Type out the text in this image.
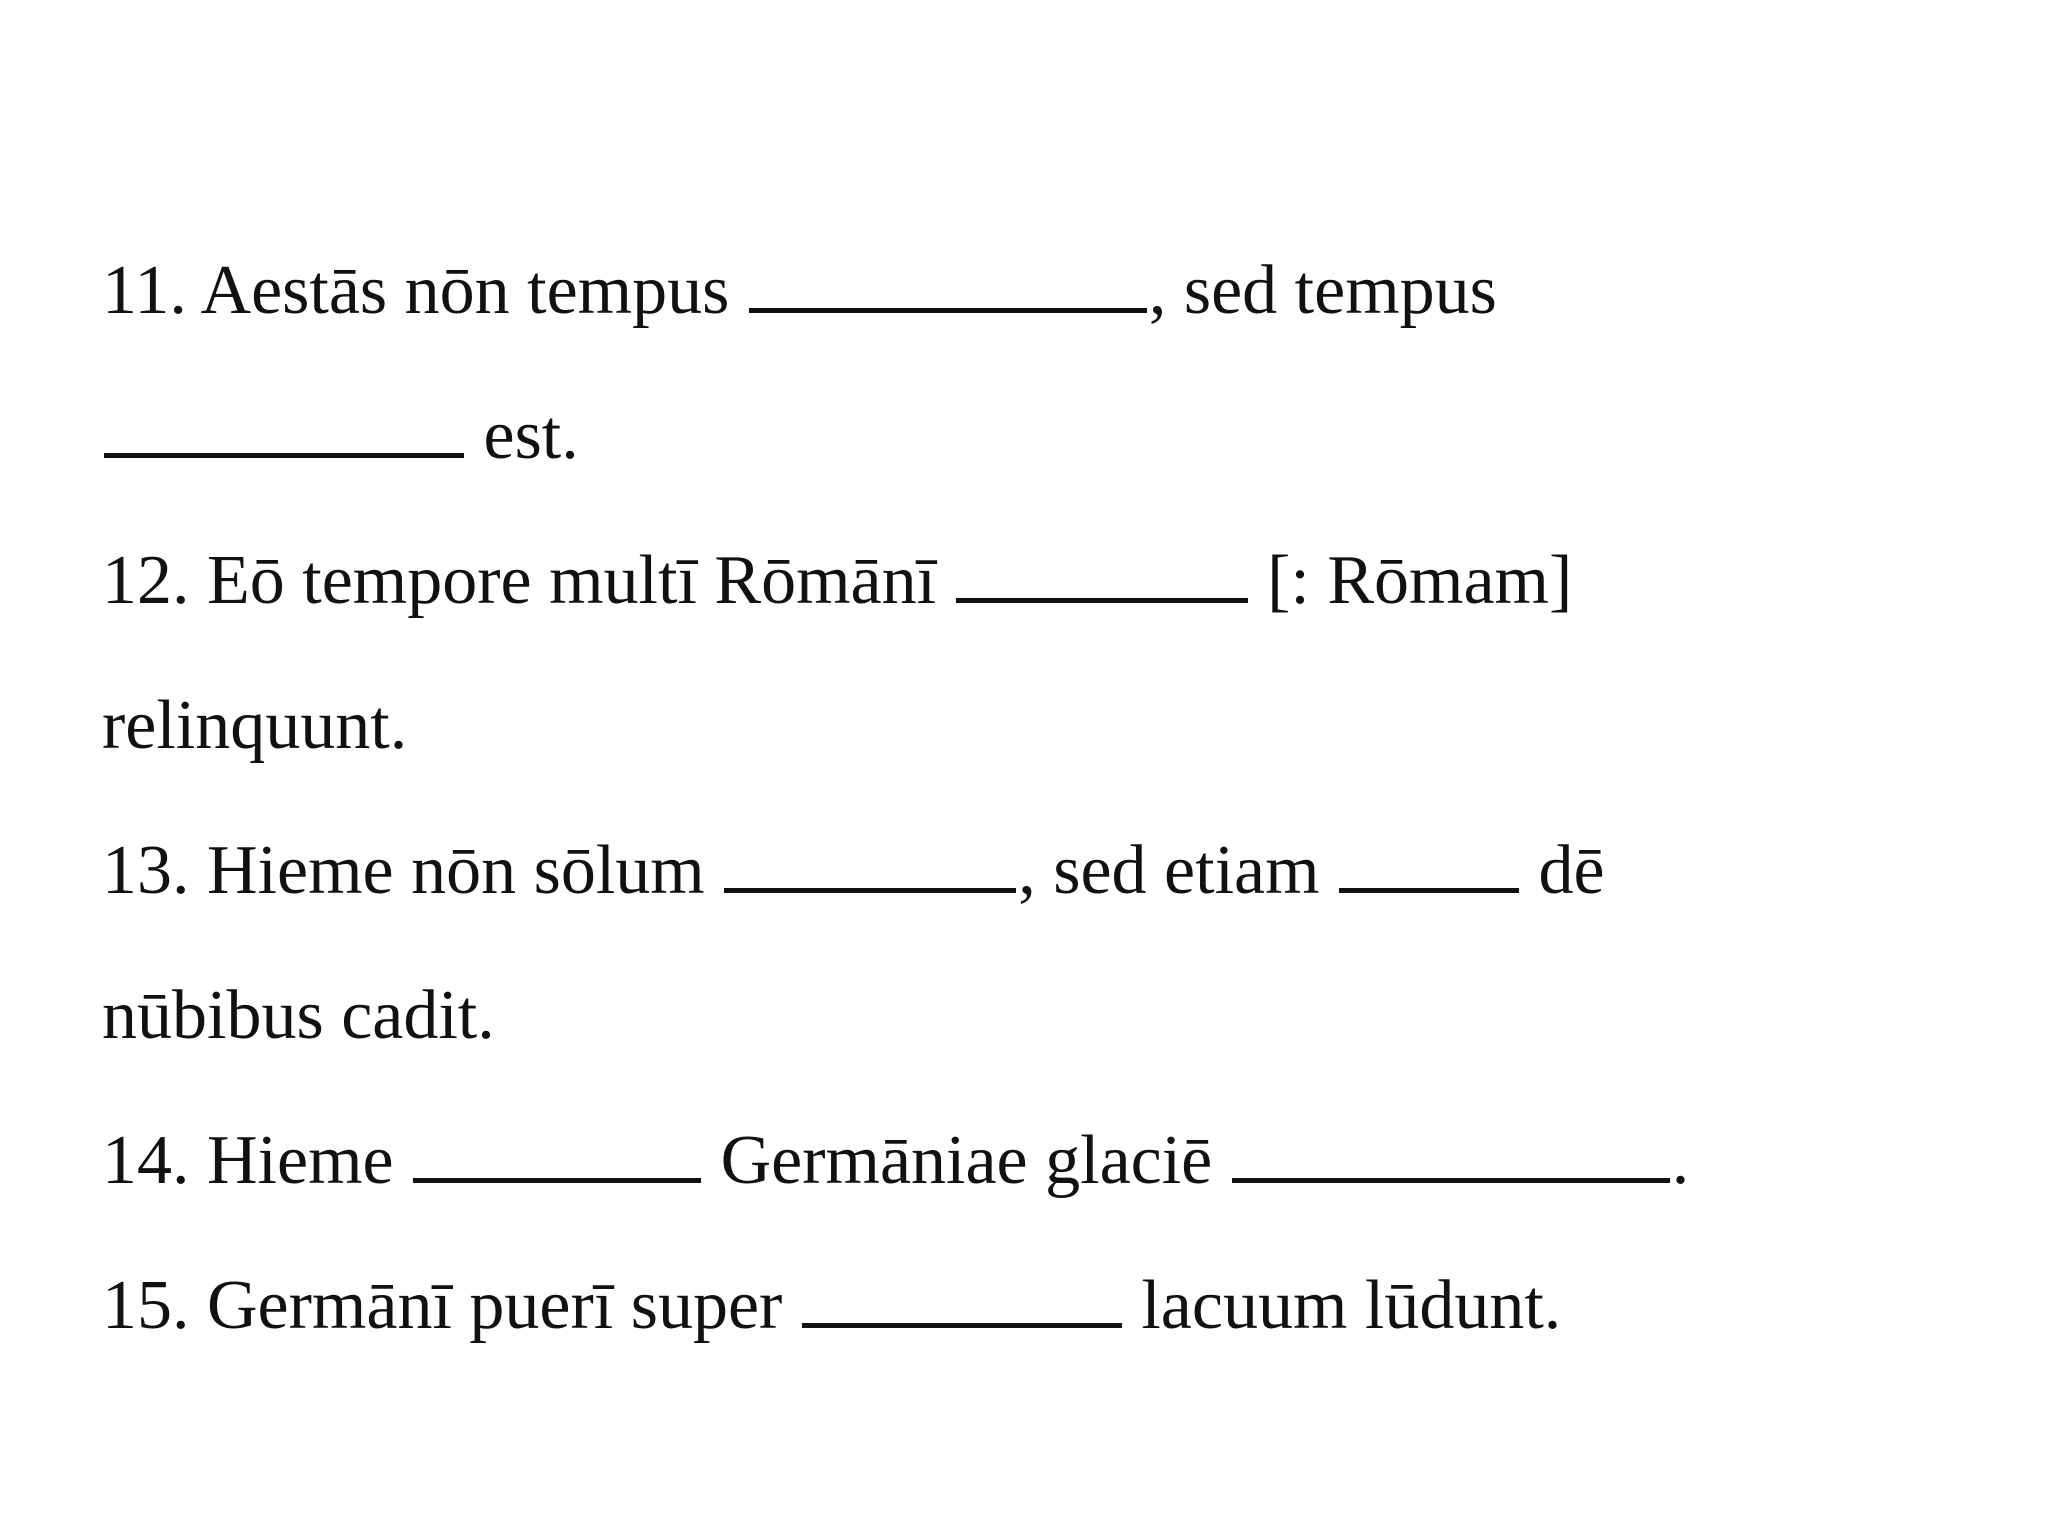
11. Aestās nōn tempus	, sed tempus
est.
12. Eō tempore multī Rōmānī	[: Rōmam]
relinquunt.
13. Hieme nōn sōlum	, sed etiam	dē
nūbibus cadit.
14. Hieme	Germāniae glaciē	.
15. Germānī puerī super	lacuum lūdunt.
